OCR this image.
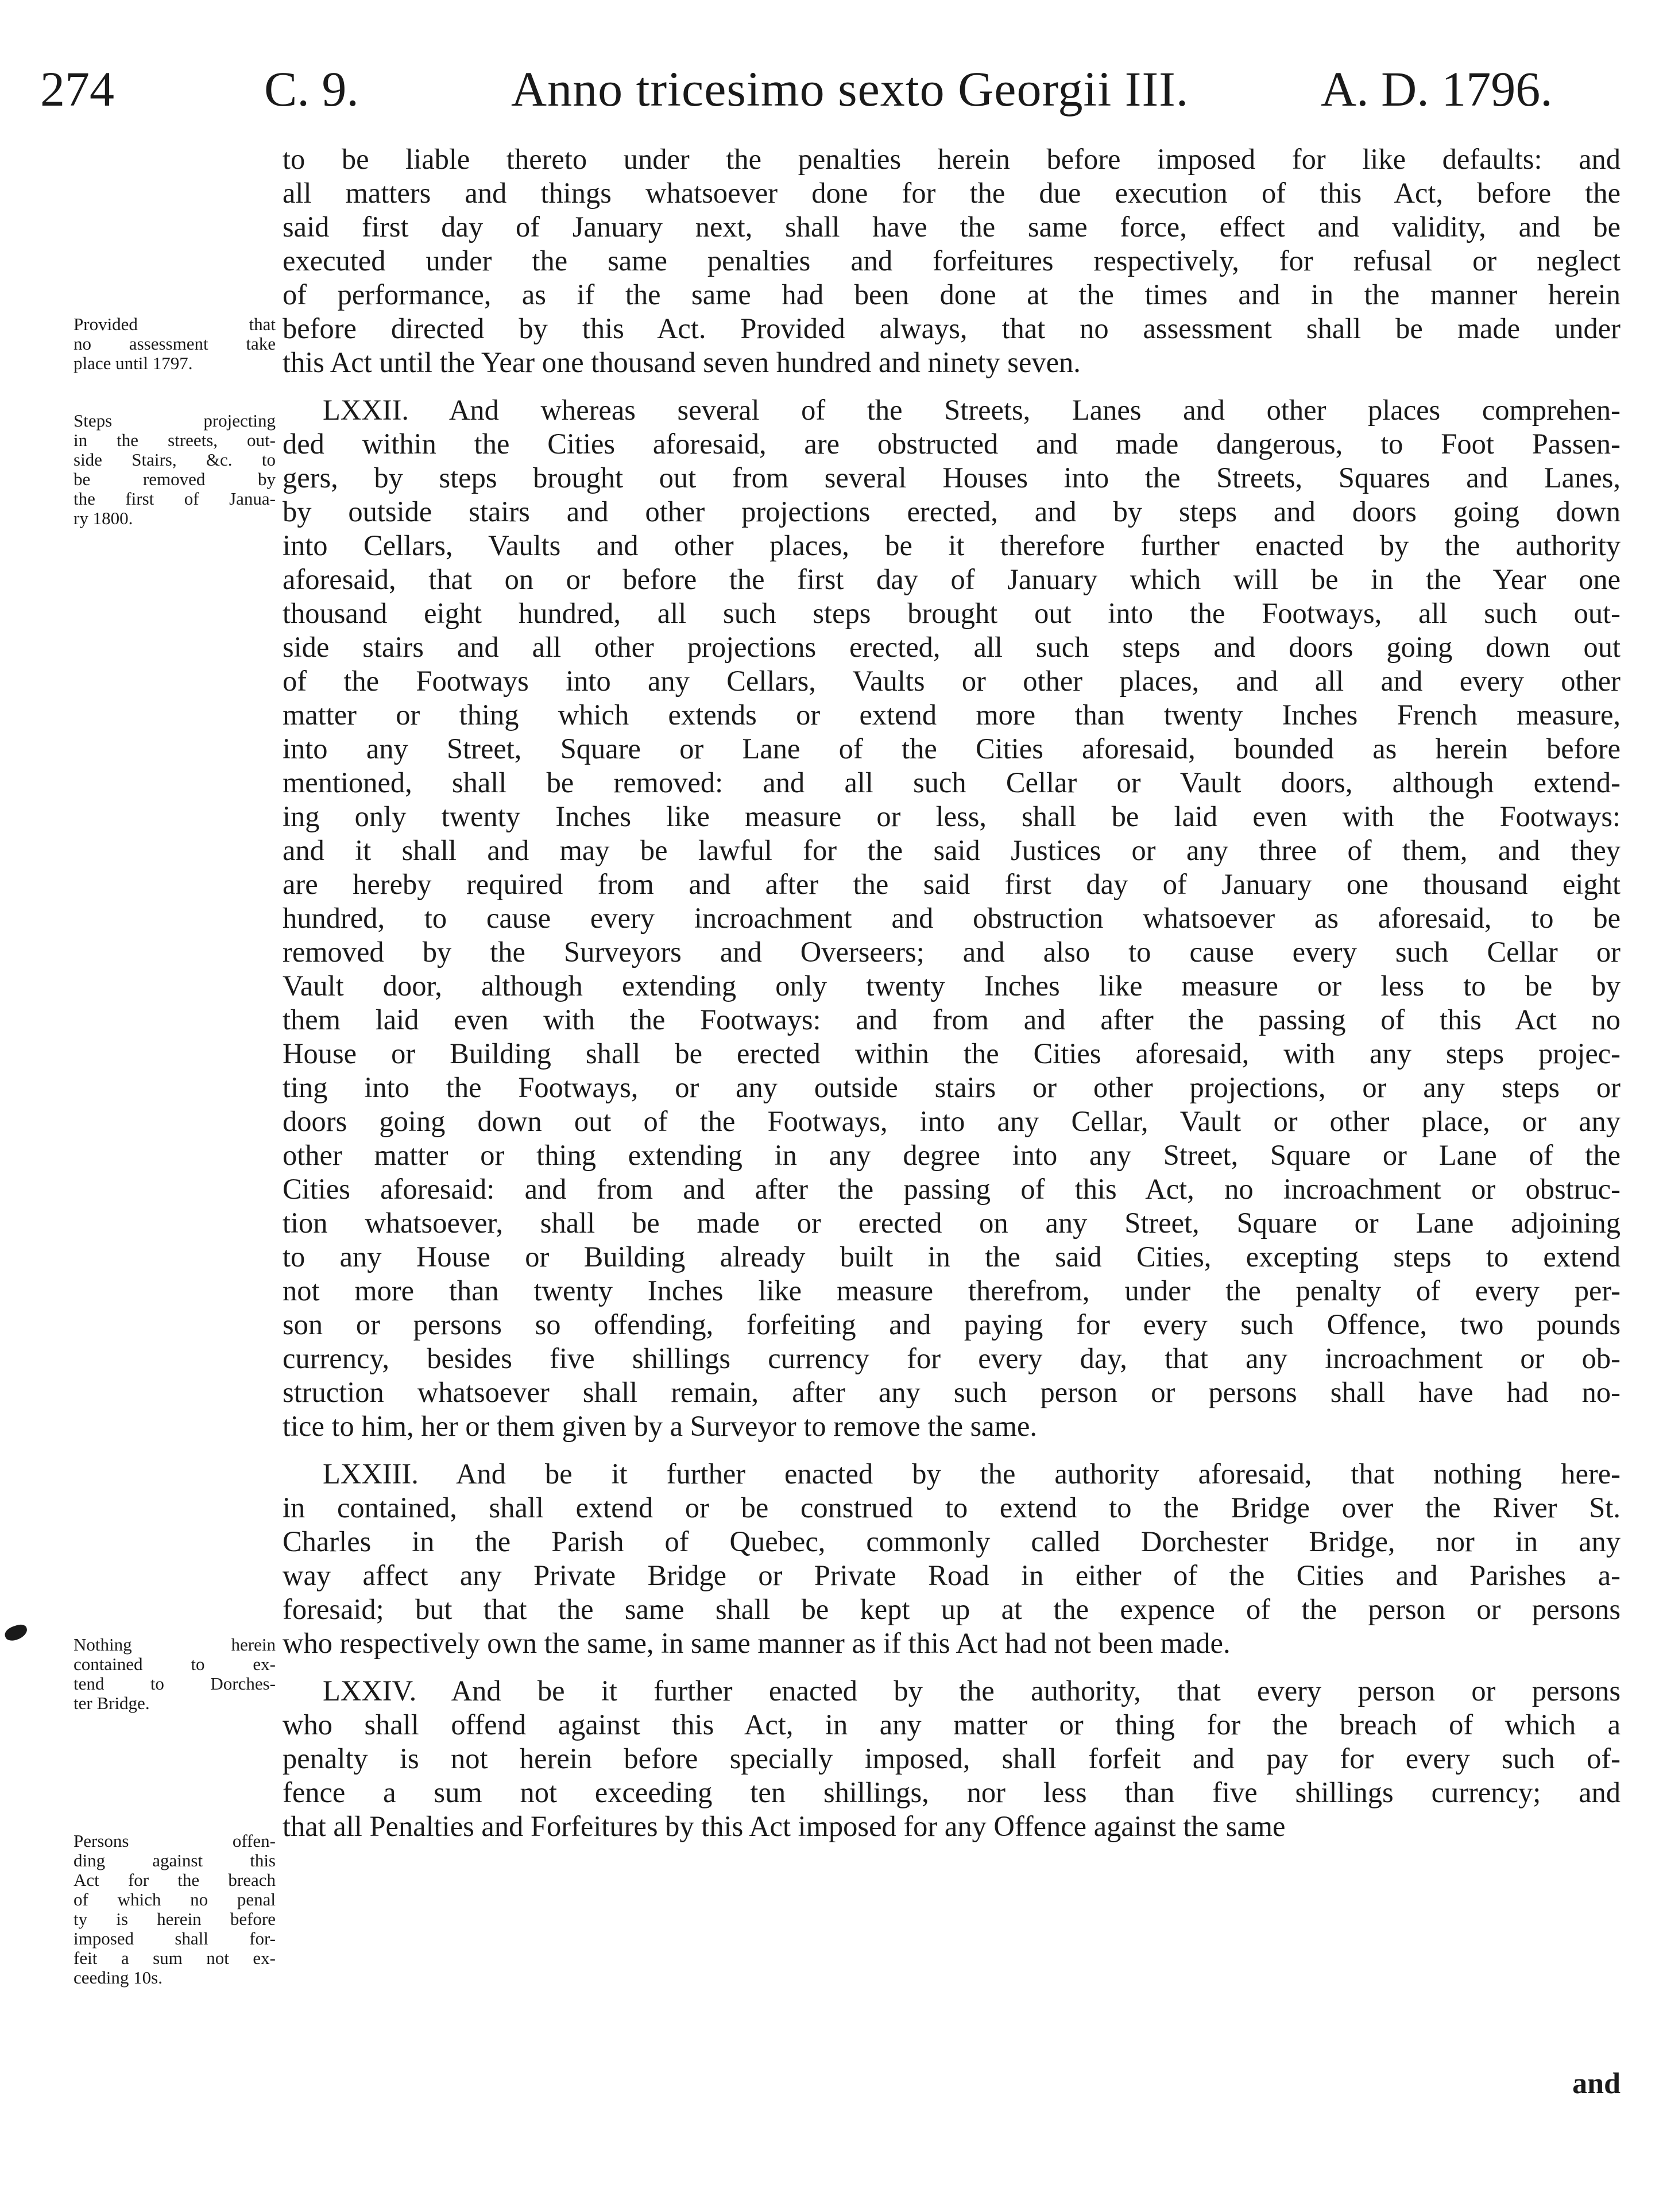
274	C. 9.	Anno tricesimo sexto Georgii III.	A. D. 1796.
to be liable thereto under the penalties herein before imposed for like defaults: and
all matters and things whatsoever done for the due execution of this Act, before the
said first day of January next, shall have the same force, effect and validity, and be
executed under the same penalties and forfeitures respectively, for refusal or neglect
of performance, as if the same had been done at the times and in the manner herein
before directed by this Act. Provided always, that no assessment shall be made under
this Act until the Year one thousand seven hundred and ninety seven.
LXXII. And whereas several of the Streets, Lanes and other places comprehen-
ded within the Cities aforesaid, are obstructed and made dangerous, to Foot Passen-
gers, by steps brought out from several Houses into the Streets, Squares and Lanes,
by outside stairs and other projections erected, and by steps and doors going down
into Cellars, Vaults and other places, be it therefore further enacted by the authority
aforesaid, that on or before the first day of January which will be in the Year one
thousand eight hundred, all such steps brought out into the Footways, all such out-
side stairs and all other projections erected, all such steps and doors going down out
of the Footways into any Cellars, Vaults or other places, and all and every other
matter or thing which extends or extend more than twenty Inches French measure,
into any Street, Square or Lane of the Cities aforesaid, bounded as herein before
mentioned, shall be removed: and all such Cellar or Vault doors, although extend-
ing only twenty Inches like measure or less, shall be laid even with the Footways:
and it shall and may be lawful for the said Justices or any three of them, and they
are hereby required from and after the said first day of January one thousand eight
hundred, to cause every incroachment and obstruction whatsoever as aforesaid, to be
removed by the Surveyors and Overseers; and also to cause every such Cellar or
Vault door, although extending only twenty Inches like measure or less to be by
them laid even with the Footways: and from and after the passing of this Act no
House or Building shall be erected within the Cities aforesaid, with any steps projec-
ting into the Footways, or any outside stairs or other projections, or any steps or
doors going down out of the Footways, into any Cellar, Vault or other place, or any
other matter or thing extending in any degree into any Street, Square or Lane of the
Cities aforesaid: and from and after the passing of this Act, no incroachment or obstruc-
tion whatsoever, shall be made or erected on any Street, Square or Lane adjoining
to any House or Building already built in the said Cities, excepting steps to extend
not more than twenty Inches like measure therefrom, under the penalty of every per-
son or persons so offending, forfeiting and paying for every such Offence, two pounds
currency, besides five shillings currency for every day, that any incroachment or ob-
struction whatsoever shall remain, after any such person or persons shall have had no-
tice to him, her or them given by a Surveyor to remove the same.
LXXIII. And be it further enacted by the authority aforesaid, that nothing here-
in contained, shall extend or be construed to extend to the Bridge over the River St.
Charles in the Parish of Quebec, commonly called Dorchester Bridge, nor in any
way affect any Private Bridge or Private Road in either of the Cities and Parishes a-
foresaid; but that the same shall be kept up at the expence of the person or persons
who respectively own the same, in same manner as if this Act had not been made.
LXXIV. And be it further enacted by the authority, that every person or persons
who shall offend against this Act, in any matter or thing for the breach of which a
penalty is not herein before specially imposed, shall forfeit and pay for every such of-
fence a sum not exceeding ten shillings, nor less than five shillings currency; and
that all Penalties and Forfeitures by this Act imposed for any Offence against the same
Provided that
no assessment take
place until 1797.
Steps projecting
in the streets, out-
side Stairs, &c. to
be removed by
the first of Janua-
ry 1800.
Nothing herein
contained to ex-
tend to Dorches-
ter Bridge.
Persons offen-
ding against this
Act for the breach
of which no penal
ty is herein before
imposed shall for-
feit a sum not ex-
ceeding 10s.
and
